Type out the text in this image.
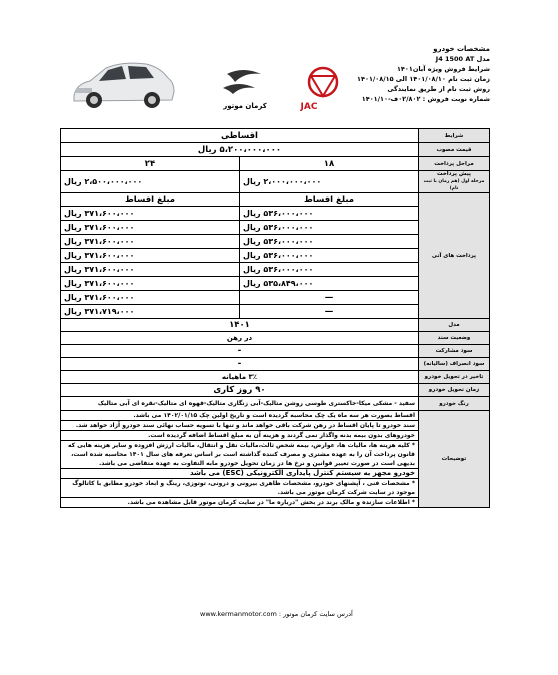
کرمان موتور	JAC
مشخصات خودرو
مدل J4 1500 AT
شرایط فروش ویژه آبان۱۴۰۱
زمان ثبت نام ۱۴۰۱/۰۸/۱۰ الی ۱۴۰۱/۰۸/۱۵
روش ثبت نام از طریق نمایندگی
شماره نوبت فروش : ۰۲/۸۰۲ف-۱۴۰۱/۱۰
شرایط	اقساطی	
قیمت مصوب	۵،۲۰۰،۰۰۰،۰۰۰ ریال	
مراحل پرداخت	۱۸	۲۴
پیش پرداخت
مرحله اول (هم زمان با ثبت نام)	۲،۰۰۰،۰۰۰،۰۰۰ ریال	۲،۵۰۰،۰۰۰،۰۰۰ ریال
پرداخت های آتی	مبلغ اقساط	مبلغ اقساط
	۵۳۶،۰۰۰،۰۰۰ ریال	۳۷۱،۶۰۰،۰۰۰ ریال
	۵۳۶،۰۰۰،۰۰۰ ریال	۳۷۱،۶۰۰،۰۰۰ ریال
	۵۳۶،۰۰۰،۰۰۰ ریال	۳۷۱،۶۰۰،۰۰۰ ریال
	۵۳۶،۰۰۰،۰۰۰ ریال	۳۷۱،۶۰۰،۰۰۰ ریال
	۵۳۶،۰۰۰،۰۰۰ ریال	۳۷۱،۶۰۰،۰۰۰ ریال
	۵۳۵،۸۴۹،۰۰۰ ریال	۳۷۱،۶۰۰،۰۰۰ ریال
	—	۳۷۱،۶۰۰،۰۰۰ ریال
	—	۳۷۱،۷۱۹،۰۰۰ ریال
مدل	۱۴۰۱	
وضعیت سند	در رهن	
سود مشارکت	-	
سود انصراف (سالیانه)	-	
تاخیر در تحویل خودرو	۳٪ ماهیانه	
زمان تحویل خودرو	۹۰ روز کاری	
رنگ خودرو	سفید - مشکی میکا-خاکستری طوسی روشن متالیک-آبی زنگاری متالیک-قهوه ای متالیک-نقره ای آبی متالیک	
توضیحات	اقساط بصورت هر سه ماه یک چک محاسبه گردیده است و تاریخ اولین چک ۱۴۰۲/۰۱/۱۵ می باشد.	
	سند خودرو تا پایان اقساط در رهن شرکت باقی خواهد ماند و تنها با تسویه حساب نهائی سند خودرو آزاد خواهد شد.	
	خودروهای بدون بیمه بدنه واگذار نمی گردند و هزینه آن به مبلغ اقساط اضافه گردیده است.	
	* کلیه هزینه ها، مالیات ها، عوارض، بیمه شخص ثالث،مالیات نقل و انتقال، مالیات ارزش افزوده و سایر هزینه هایی که قانون پرداخت آن را به عهده مشتری و مصرف کننده گذاشته است بر اساس تعرفه های سال ۱۴۰۱ محاسبه شده است، بدیهی است در صورت تغییر قوانین و نرخ ها در زمان تحویل خودرو مابه التفاوت به عهده متقاضی می باشد.	
	خودرو مجهز به سیستم کنترل پایداری الکترونیکی (ESC) می باشد	
	* مشخصات فنی ، آپشنهای خودرو، مشخصات ظاهری بیرونی و درونی، توتوزی، رینگ و ابعاد خودرو مطابق با کاتالوگ موجود در سایت شرکت کرمان موتور می باشد.	
	* اطلاعات سازنده و مالک برند در بخش "درباره ما" در سایت کرمان موتور قابل مشاهده می باشد.	
آدرس سایت کرمان موتور : www.kermanmotor.com
